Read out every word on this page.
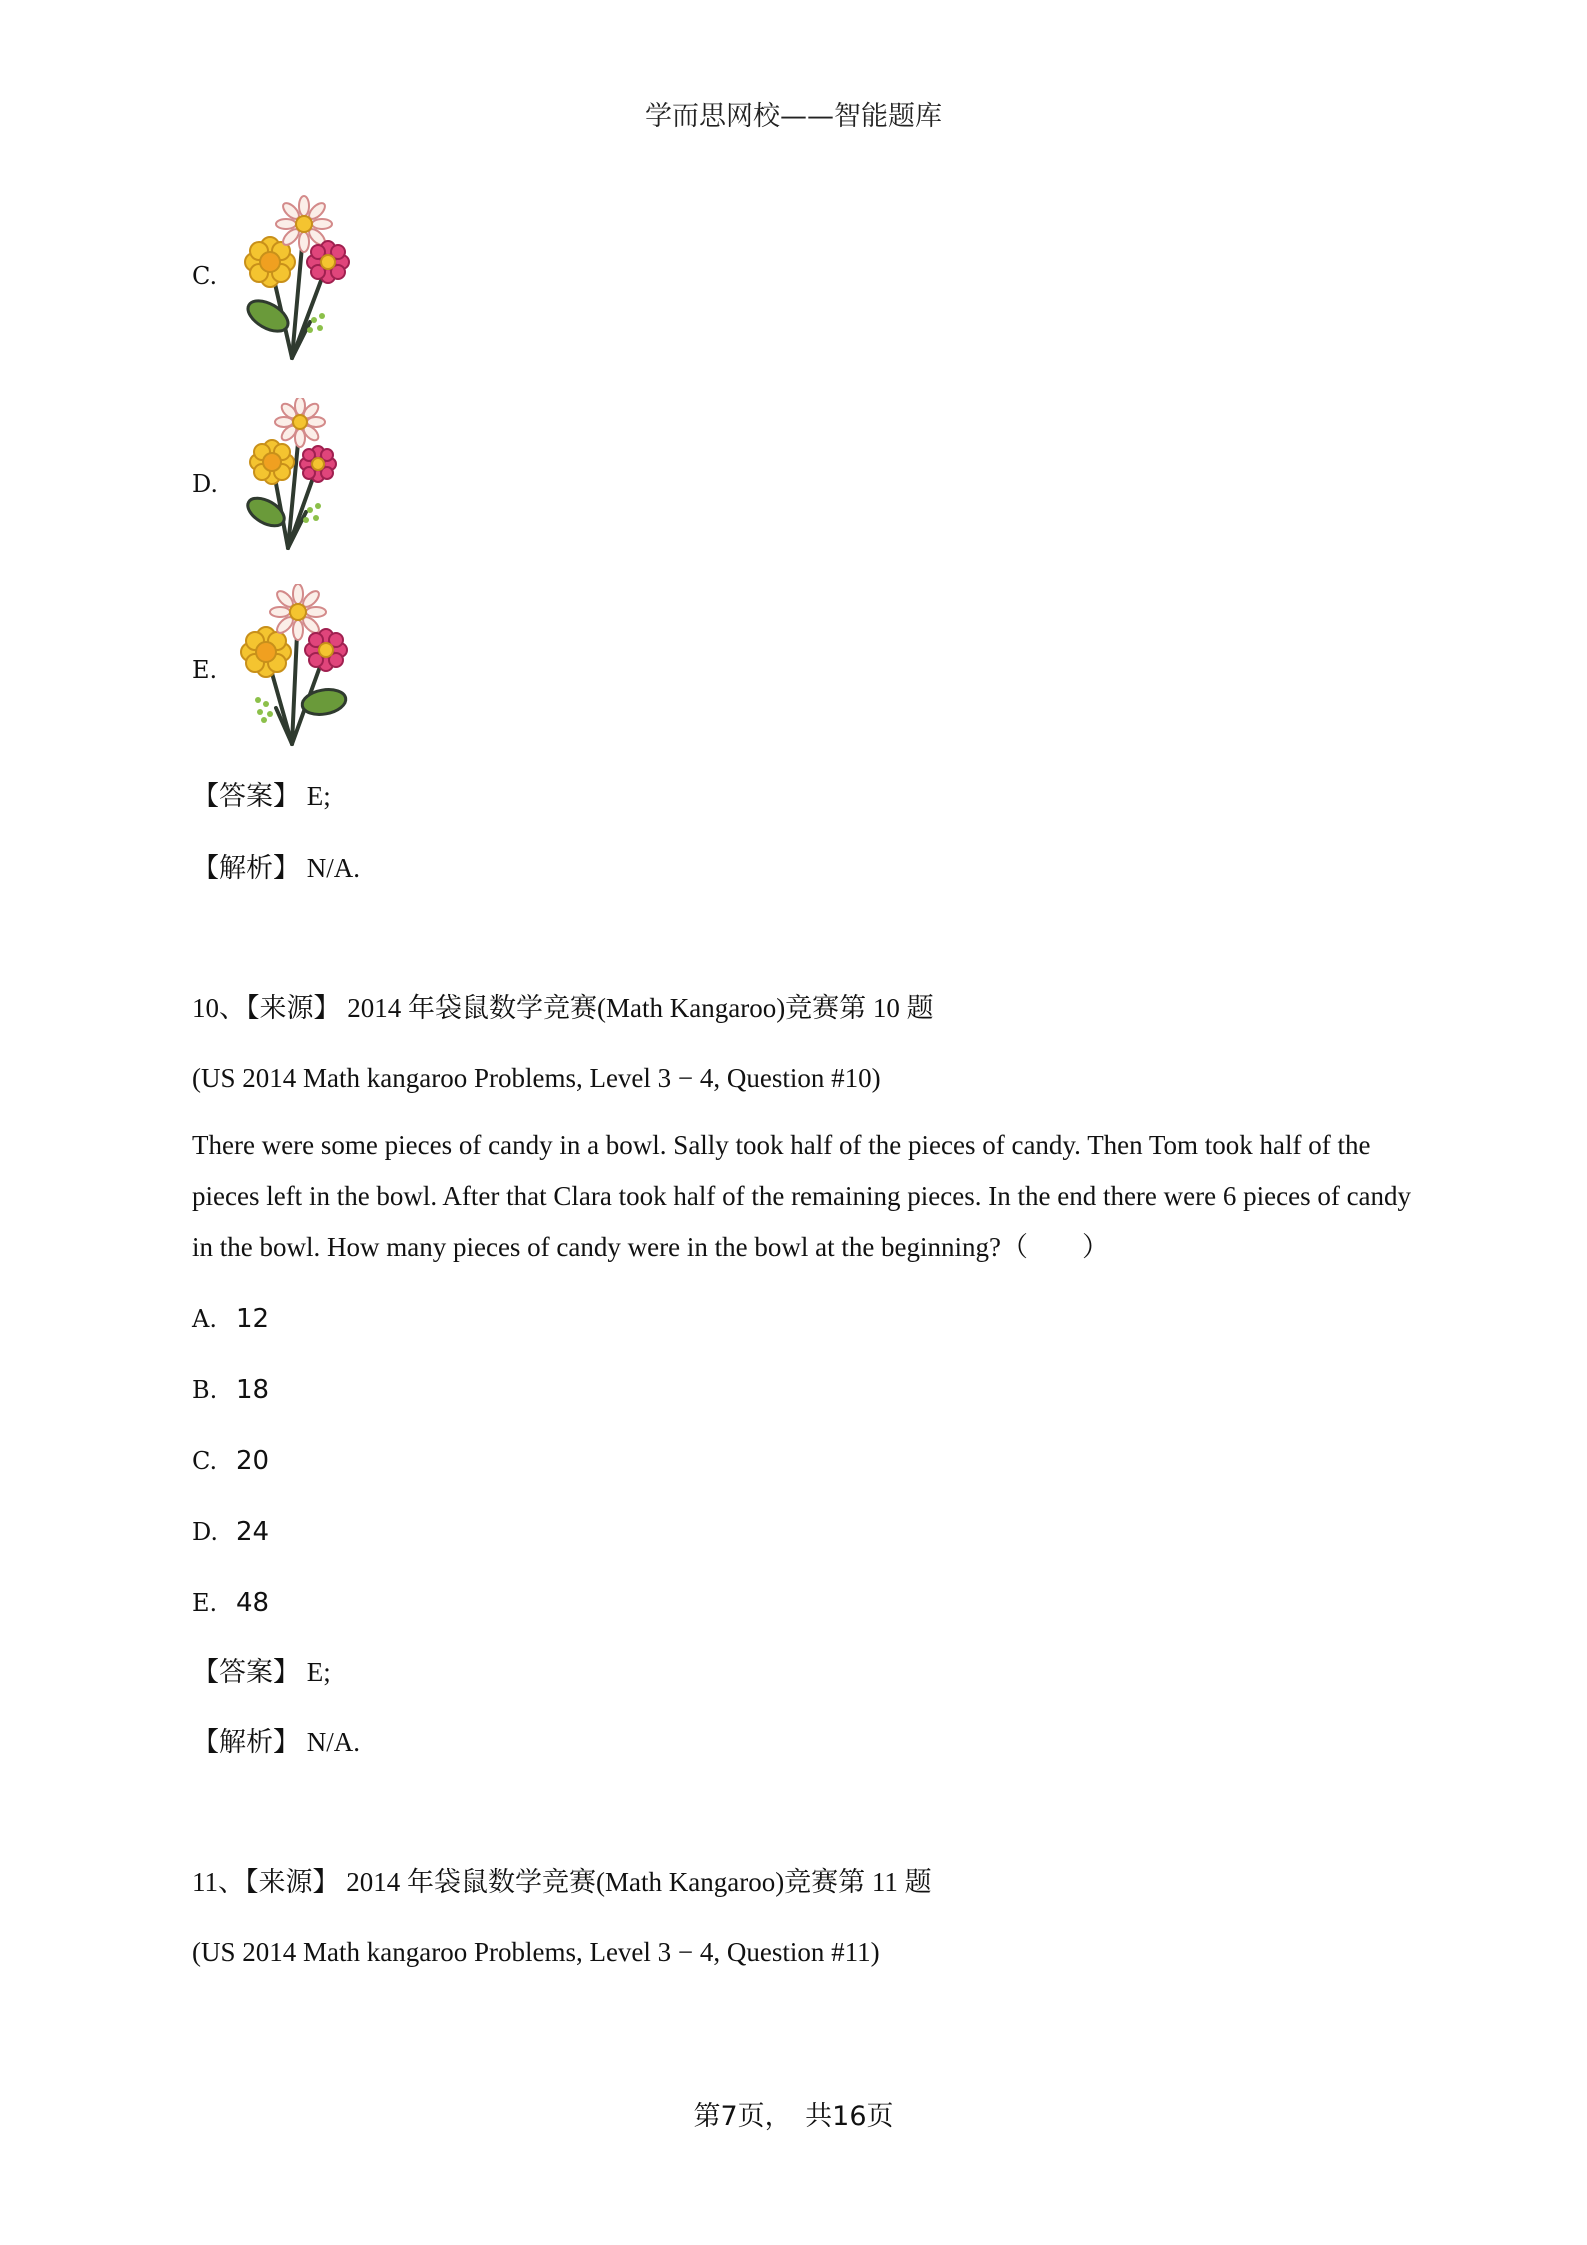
学而思网校——智能题库
C.
D.
E.
【答案】 E;
【解析】 N/A.
10、【来源】 2014 年袋鼠数学竞赛(Math Kangaroo)竞赛第 10 题
(US 2014 Math kangaroo Problems, Level 3 − 4, Question #10)
There were some pieces of candy in a bowl. Sally took half of the pieces of candy. Then Tom took half of the pieces left in the bowl. After that Clara took half of the remaining pieces. In the end there were 6 pieces of candy in the bowl. How many pieces of candy were in the bowl at the beginning?（　　）
A. 12
B. 18
C. 20
D. 24
E. 48
【答案】 E;
【解析】 N/A.
11、【来源】 2014 年袋鼠数学竞赛(Math Kangaroo)竞赛第 11 题
(US 2014 Math kangaroo Problems, Level 3 − 4, Question #11)
第7页，　共16页
